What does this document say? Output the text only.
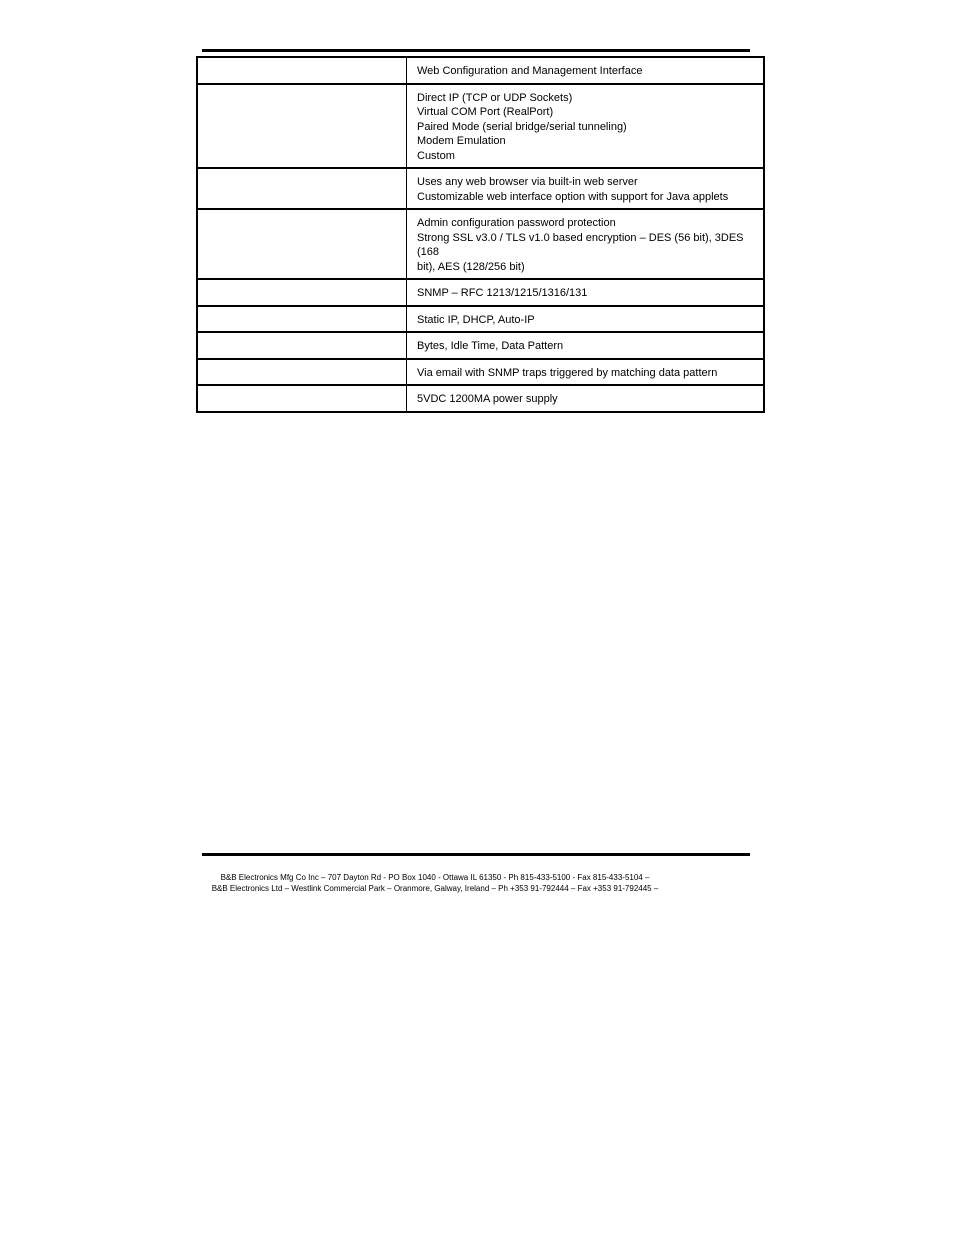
Web Configuration and Management Interface
Direct IP (TCP or UDP Sockets)
Virtual COM Port (RealPort)
Paired Mode (serial bridge/serial tunneling)
Modem Emulation
Custom
Uses any web browser via built-in web server
Customizable web interface option with support for Java applets
Admin configuration password protection
Strong SSL v3.0 / TLS v1.0 based encryption – DES (56 bit), 3DES (168
bit), AES (128/256 bit)
SNMP – RFC 1213/1215/1316/131
Static IP, DHCP, Auto-IP
Bytes, Idle Time, Data Pattern
Via email with SNMP traps triggered by matching data pattern
5VDC 1200MA power supply
B&B Electronics Mfg Co Inc – 707 Dayton Rd - PO Box 1040 - Ottawa IL 61350 - Ph 815-433-5100 - Fax 815-433-5104 –
B&B Electronics Ltd – Westlink Commercial Park – Oranmore, Galway, Ireland – Ph +353 91-792444 – Fax +353 91-792445 –
